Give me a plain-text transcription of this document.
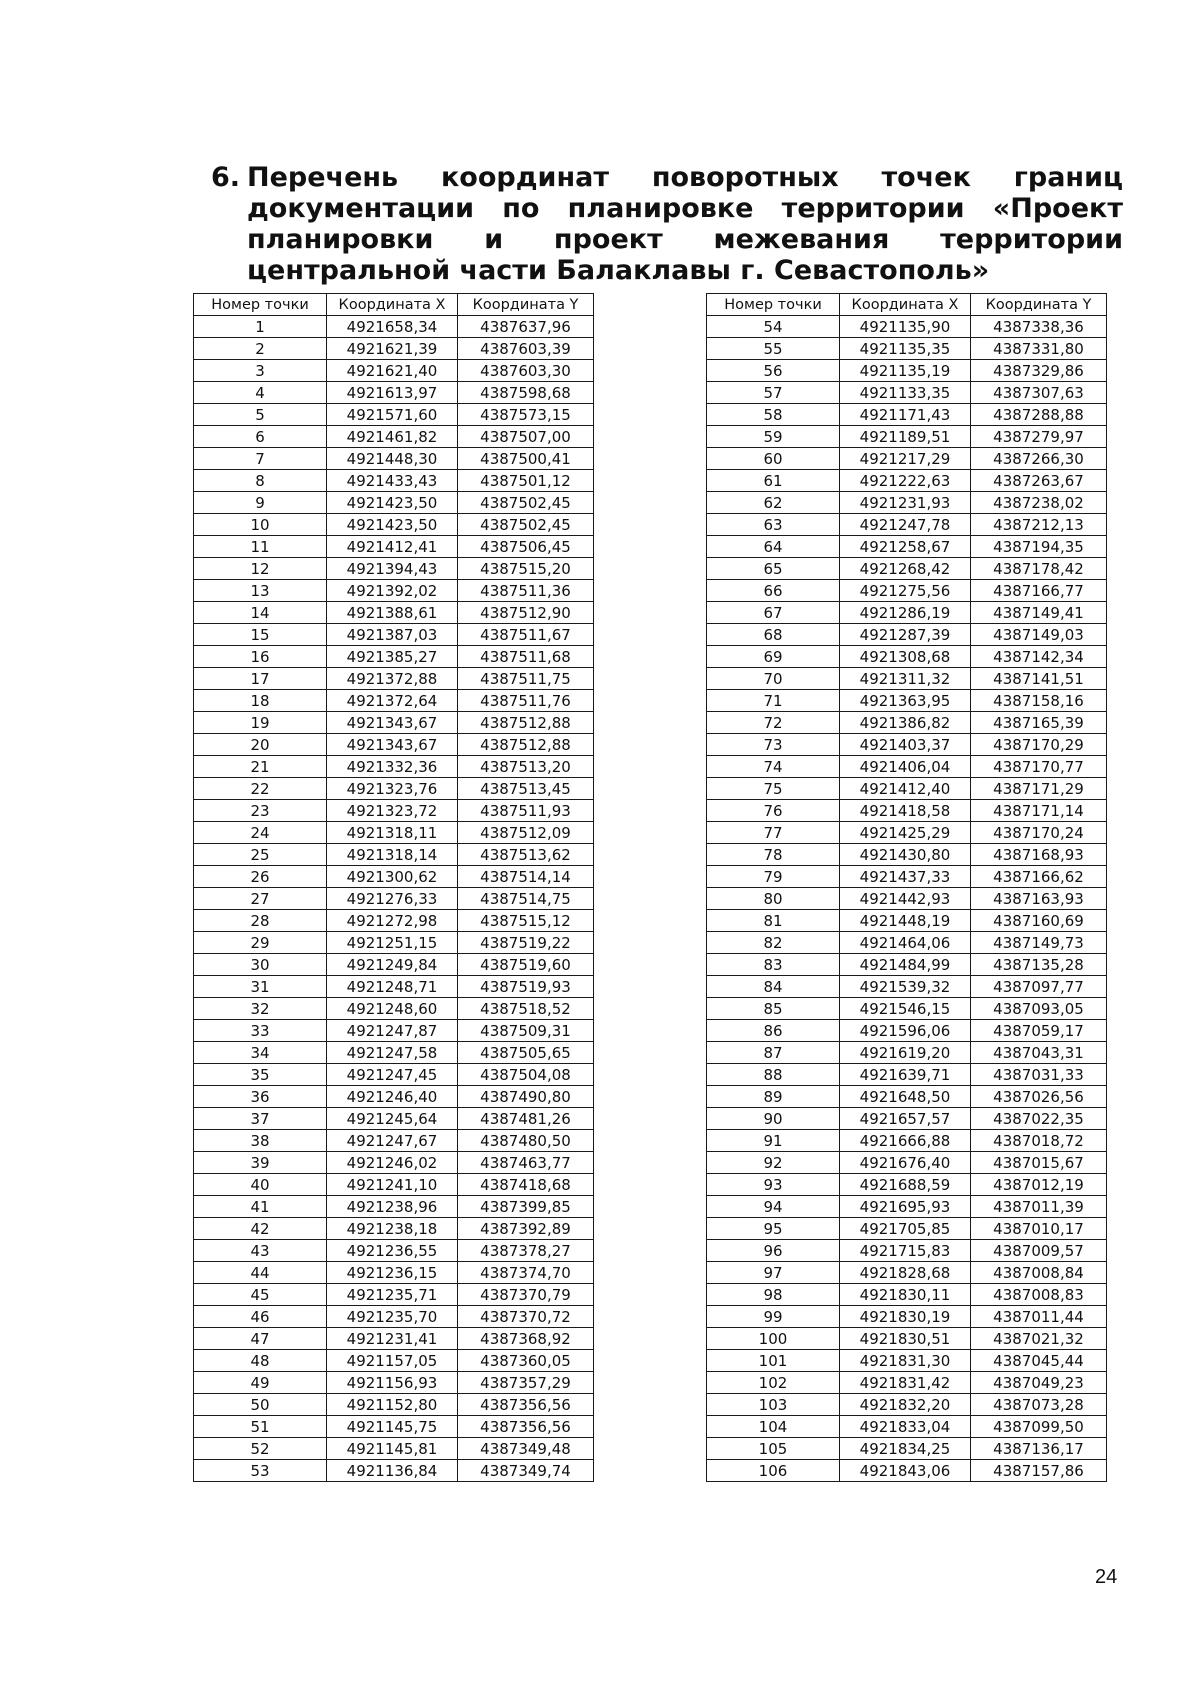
6. Перечень координат поворотных точек границ документации по планировке территории «Проект планировки и проект межевания территории центральной части Балаклавы г. Севастополь»
Номер точки	Координата X	Координата Y
1	4921658,34	4387637,96
2	4921621,39	4387603,39
3	4921621,40	4387603,30
4	4921613,97	4387598,68
5	4921571,60	4387573,15
6	4921461,82	4387507,00
7	4921448,30	4387500,41
8	4921433,43	4387501,12
9	4921423,50	4387502,45
10	4921423,50	4387502,45
11	4921412,41	4387506,45
12	4921394,43	4387515,20
13	4921392,02	4387511,36
14	4921388,61	4387512,90
15	4921387,03	4387511,67
16	4921385,27	4387511,68
17	4921372,88	4387511,75
18	4921372,64	4387511,76
19	4921343,67	4387512,88
20	4921343,67	4387512,88
21	4921332,36	4387513,20
22	4921323,76	4387513,45
23	4921323,72	4387511,93
24	4921318,11	4387512,09
25	4921318,14	4387513,62
26	4921300,62	4387514,14
27	4921276,33	4387514,75
28	4921272,98	4387515,12
29	4921251,15	4387519,22
30	4921249,84	4387519,60
31	4921248,71	4387519,93
32	4921248,60	4387518,52
33	4921247,87	4387509,31
34	4921247,58	4387505,65
35	4921247,45	4387504,08
36	4921246,40	4387490,80
37	4921245,64	4387481,26
38	4921247,67	4387480,50
39	4921246,02	4387463,77
40	4921241,10	4387418,68
41	4921238,96	4387399,85
42	4921238,18	4387392,89
43	4921236,55	4387378,27
44	4921236,15	4387374,70
45	4921235,71	4387370,79
46	4921235,70	4387370,72
47	4921231,41	4387368,92
48	4921157,05	4387360,05
49	4921156,93	4387357,29
50	4921152,80	4387356,56
51	4921145,75	4387356,56
52	4921145,81	4387349,48
53	4921136,84	4387349,74
Номер точки	Координата X	Координата Y
54	4921135,90	4387338,36
55	4921135,35	4387331,80
56	4921135,19	4387329,86
57	4921133,35	4387307,63
58	4921171,43	4387288,88
59	4921189,51	4387279,97
60	4921217,29	4387266,30
61	4921222,63	4387263,67
62	4921231,93	4387238,02
63	4921247,78	4387212,13
64	4921258,67	4387194,35
65	4921268,42	4387178,42
66	4921275,56	4387166,77
67	4921286,19	4387149,41
68	4921287,39	4387149,03
69	4921308,68	4387142,34
70	4921311,32	4387141,51
71	4921363,95	4387158,16
72	4921386,82	4387165,39
73	4921403,37	4387170,29
74	4921406,04	4387170,77
75	4921412,40	4387171,29
76	4921418,58	4387171,14
77	4921425,29	4387170,24
78	4921430,80	4387168,93
79	4921437,33	4387166,62
80	4921442,93	4387163,93
81	4921448,19	4387160,69
82	4921464,06	4387149,73
83	4921484,99	4387135,28
84	4921539,32	4387097,77
85	4921546,15	4387093,05
86	4921596,06	4387059,17
87	4921619,20	4387043,31
88	4921639,71	4387031,33
89	4921648,50	4387026,56
90	4921657,57	4387022,35
91	4921666,88	4387018,72
92	4921676,40	4387015,67
93	4921688,59	4387012,19
94	4921695,93	4387011,39
95	4921705,85	4387010,17
96	4921715,83	4387009,57
97	4921828,68	4387008,84
98	4921830,11	4387008,83
99	4921830,19	4387011,44
100	4921830,51	4387021,32
101	4921831,30	4387045,44
102	4921831,42	4387049,23
103	4921832,20	4387073,28
104	4921833,04	4387099,50
105	4921834,25	4387136,17
106	4921843,06	4387157,86
24
